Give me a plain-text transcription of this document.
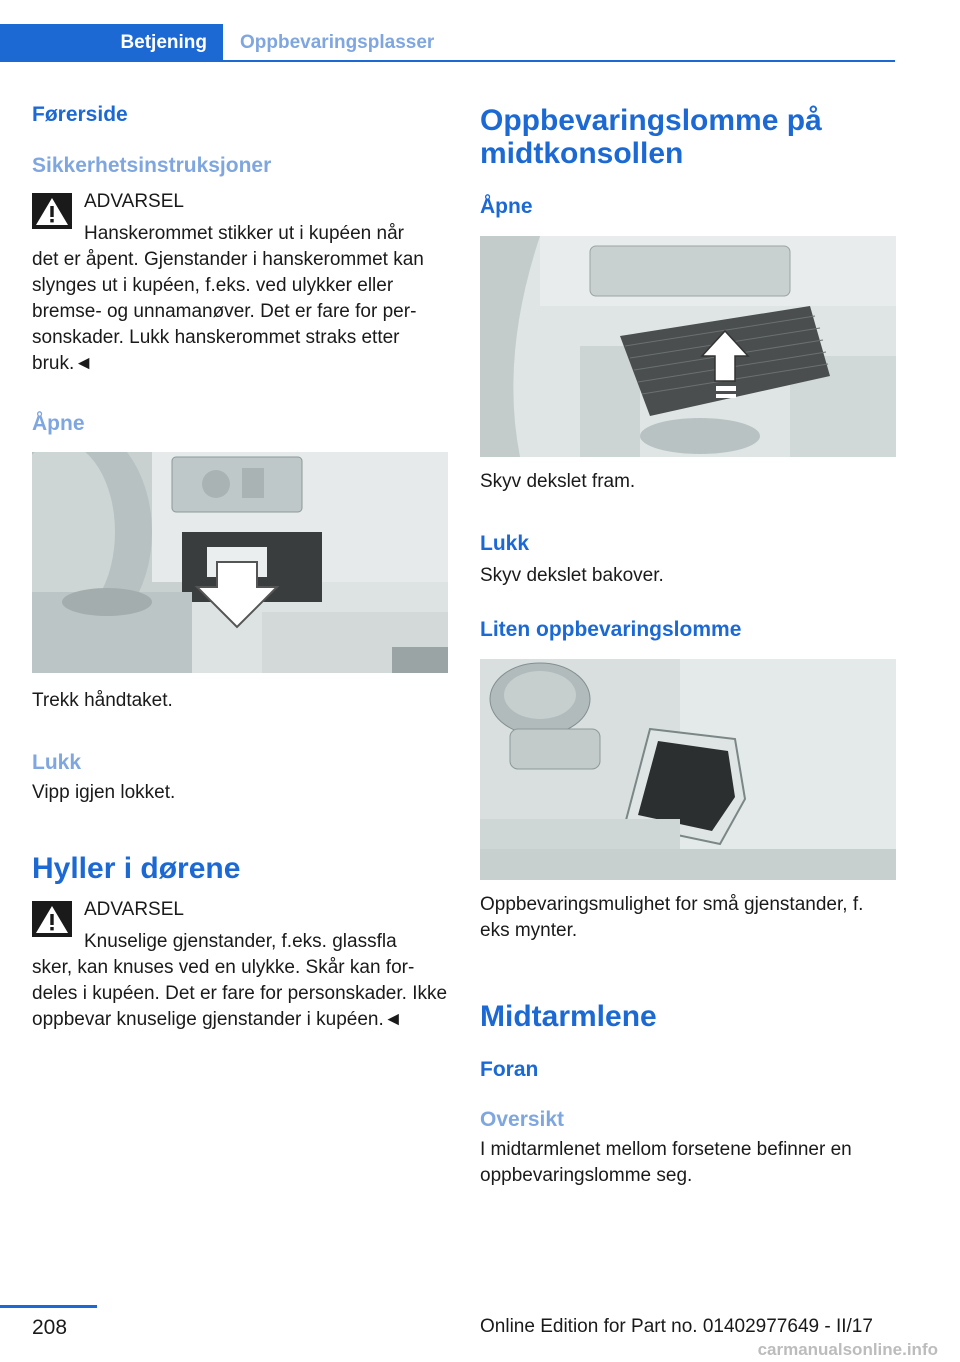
Betjening	Oppbevaringsplasser
Førerside
Sikkerhetsinstruksjoner
ADVARSEL
Hanskerommet stikker ut i kupéen når

det er åpent. Gjenstander i hanskerommet kan slynges ut i kupéen, f.eks. ved ulykker eller bremse- og unnamanøver. Det er fare for personskader. Lukk hanskerommet straks etter bruk.◄

Åpne

Trekk håndtaket.

Lukk

Vipp igjen lokket.

Hyller i dørene
ADVARSEL
Knuselige gjenstander, f.eks. glassfla

sker, kan knuses ved en ulykke. Skår kan fordeles i kupéen. Det er fare for personskader. Ikke oppbevar knuselige gjenstander i kupéen.◄

Oppbevaringslomme på midtkonsollen
Åpne

Skyv dekslet fram.

Lukk

Skyv dekslet bakover.

Liten oppbevaringslomme

Oppbevaringsmulighet for små gjenstander, f. eks mynter.

Midtarmlene
Foran
Oversikt

I midtarmlenet mellom forsetene befinner en oppbevaringslomme seg.

208	Online Edition for Part no. 01402977649 - II/17
carmanualsonline.info
